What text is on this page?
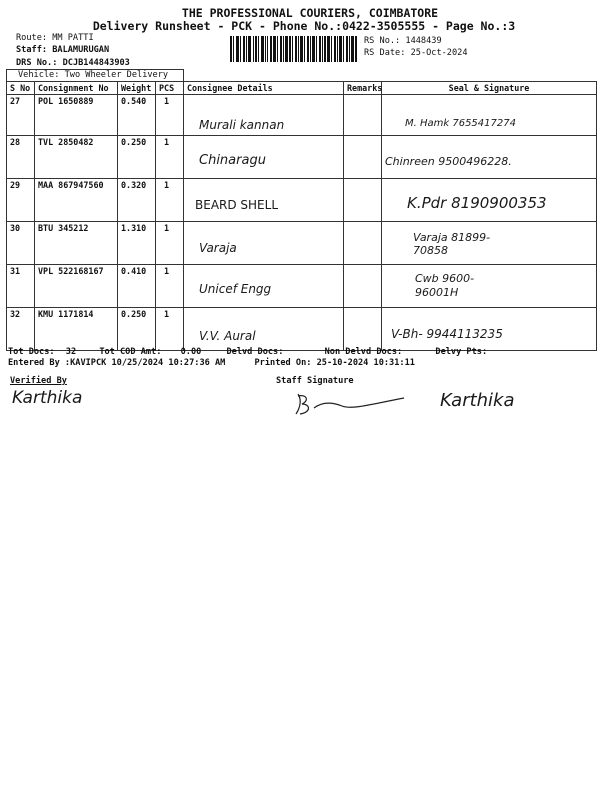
THE PROFESSIONAL COURIERS, COIMBATORE
Delivery Runsheet - PCK - Phone No.:0422-3505555 - Page No.:3
Route: MM PATTI
Staff: BALAMURUGAN
DRS No.: DCJB144843903
Vehicle: Two Wheeler Delivery
RS No.: 1448439
RS Date: 25-Oct-2024
S No	Consignment No	Weight	PCS	Consignee Details	Remarks	Seal & Signature
27	POL 1650889	0.540	1	Murali kannan		M. Hamk 7655417274

28	TVL 2850482	0.250	1	Chinaragu		Chinreen 9500496228.

29	MAA 867947560	0.320	1	BEARD SHELL		K.Pdr 8190900353

30	BTU 345212	1.310	1	Varaja		Varaja 81899-70858

31	VPL 522168167	0.410	1	Unicef Engg		Cwb 9600-96001H

32	KMU 1171814	0.250	1	V.V. Aural		V-Bh- 9944113235
Tot Docs: 32	Tot COD Amt: 0.00	Delvd Docs:	Non Delvd Docs:	Delvy Pts:
Entered By :KAVIPCK 10/25/2024 10:27:36 AM	Printed On: 25-10-2024 10:31:11
Verified By	Staff Signature
Karthika	Karthika
